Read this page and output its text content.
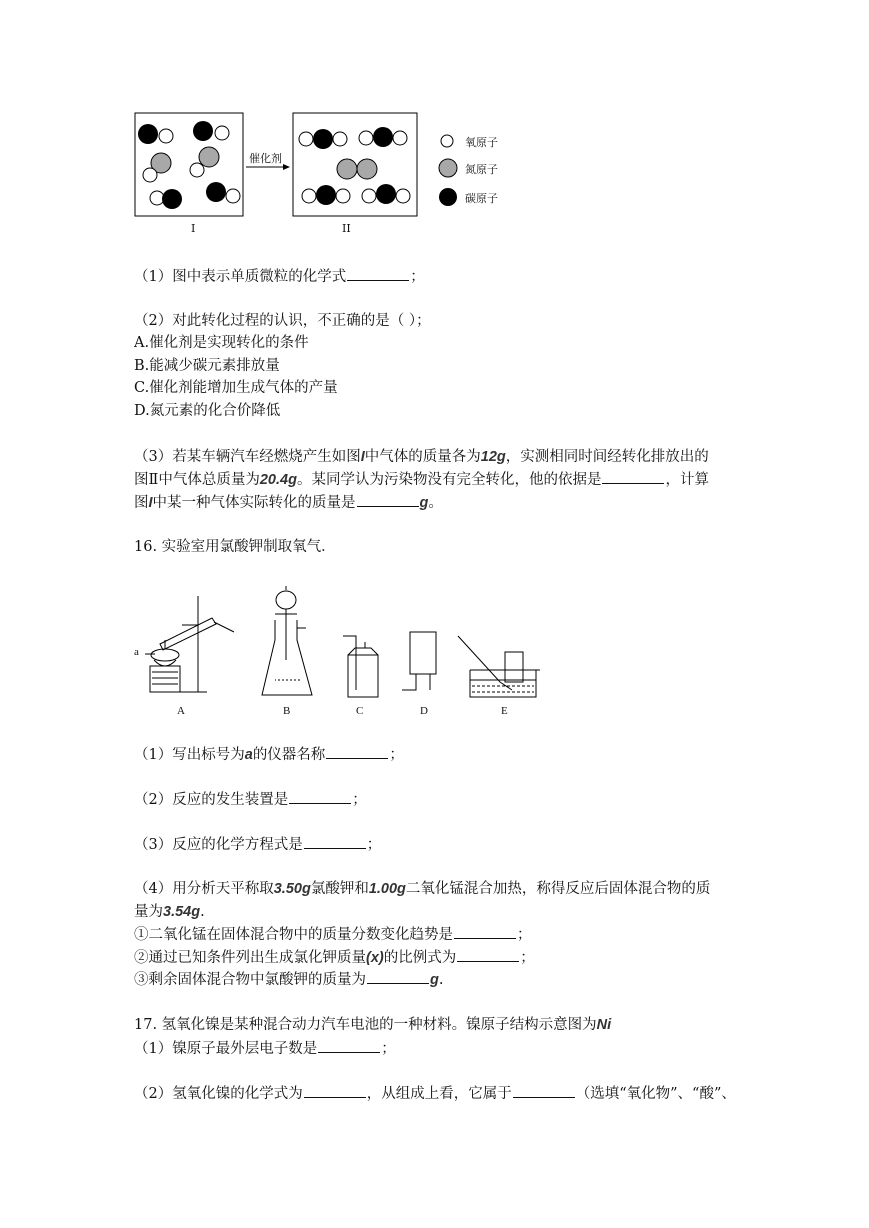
催化剂
I	II
氧原子
氮原子
碳原子
（1）图中表示单质微粒的化学式	；
（2）对此转化过程的认识，不正确的是（ ）；
A.催化剂是实现转化的条件
B.能减少碳元素排放量
C.催化剂能增加生成气体的产量
D.氮元素的化合价降低
（3）若某车辆汽车经燃烧产生如图I中气体的质量各为12g，实测相同时间经转化排放出的
图Ⅱ中气体总质量为20.4g。某同学认为污染物没有完全转化，他的依据是	，计算
图I中某一种气体实际转化的质量是	g。
16. 实验室用氯酸钾制取氧气．
a
A	B	C	D	E
（1）写出标号为a的仪器名称	；
（2）反应的发生装置是	；
（3）反应的化学方程式是	；
（4）用分析天平称取3.50g氯酸钾和1.00g二氧化锰混合加热，称得反应后固体混合物的质
量为3.54g.
①二氧化锰在固体混合物中的质量分数变化趋势是	；
②通过已知条件列出生成氯化钾质量(x)的比例式为	；
③剩余固体混合物中氯酸钾的质量为	g.
17. 氢氧化镍是某种混合动力汽车电池的一种材料。镍原子结构示意图为Ni
（1）镍原子最外层电子数是	；
（2）氢氧化镍的化学式为	，从组成上看，它属于	（选填“氧化物”、“酸”、
